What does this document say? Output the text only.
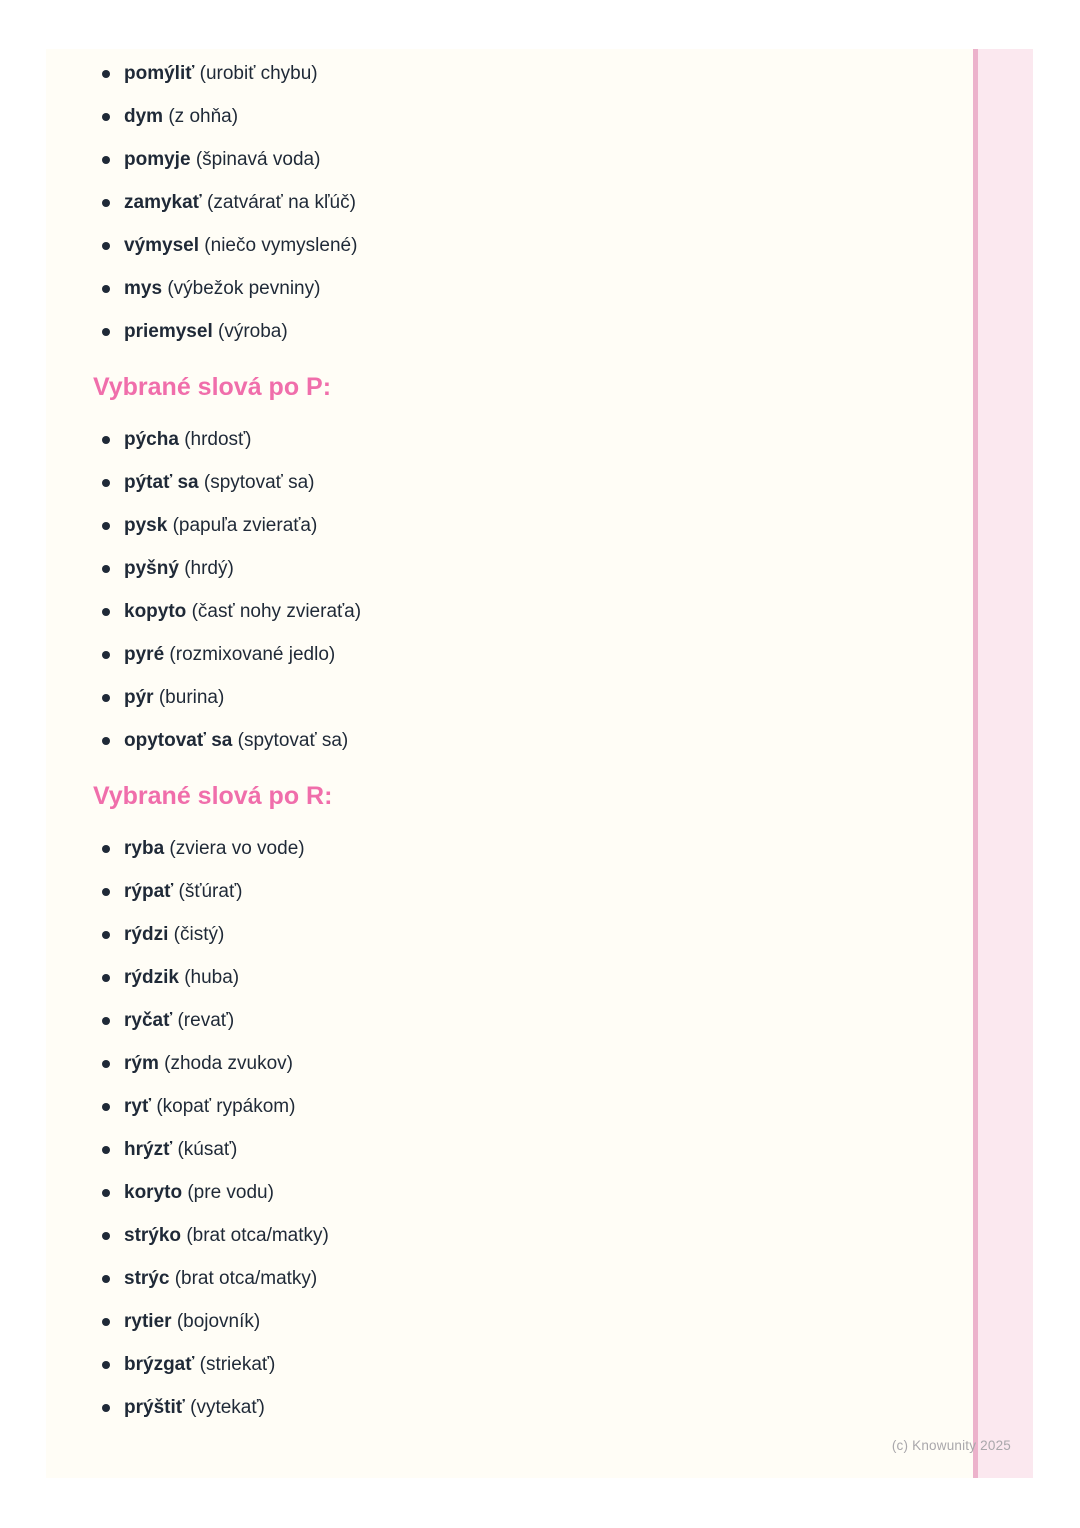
pomýliť (urobiť chybu)
dym (z ohňa)
pomyje (špinavá voda)
zamykať (zatvárať na kľúč)
výmysel (niečo vymyslené)
mys (výbežok pevniny)
priemysel (výroba)
Vybrané slová po P:
pýcha (hrdosť)
pýtať sa (spytovať sa)
pysk (papuľa zvieraťa)
pyšný (hrdý)
kopyto (časť nohy zvieraťa)
pyré (rozmixované jedlo)
pýr (burina)
opytovať sa (spytovať sa)
Vybrané slová po R:
ryba (zviera vo vode)
rýpať (šťúrať)
rýdzi (čistý)
rýdzik (huba)
ryčať (revať)
rým (zhoda zvukov)
ryť (kopať rypákom)
hrýzť (kúsať)
koryto (pre vodu)
strýko (brat otca/matky)
strýc (brat otca/matky)
rytier (bojovník)
brýzgať (striekať)
prýštiť (vytekať)
(c) Knowunity 2025
